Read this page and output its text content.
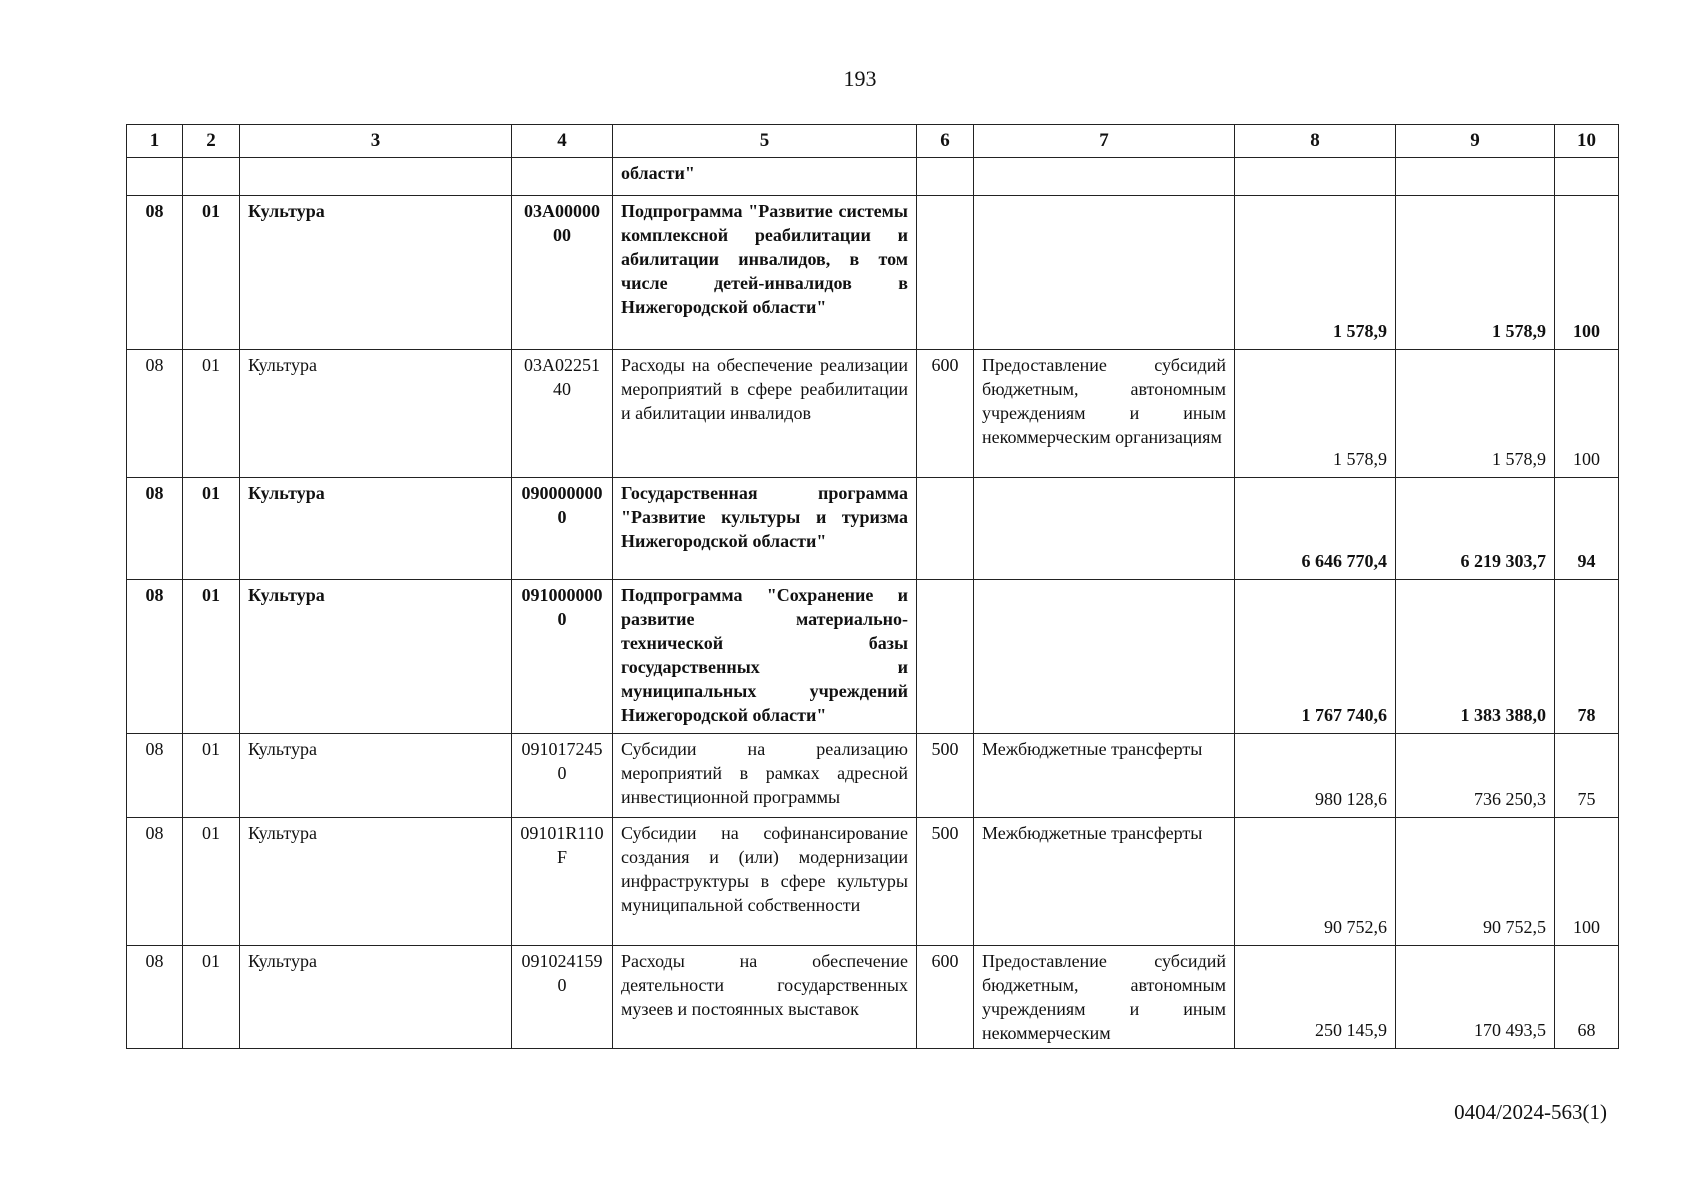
193
1	2	3	4	5	6	7	8	9	10
				области"					
08	01	Культура	03А0000000	Подпрограмма "Развитие системы комплексной реабилитации и абилитации инвалидов, в том числе детей-инвалидов в Нижегородской области"			1 578,9	1 578,9	100
08	01	Культура	03А0225140	Расходы на обеспечение реализации мероприятий в сфере реабилитации и абилитации инвалидов	600	Предоставление субсидий бюджетным, автономным учреждениям и иным некоммерческим организациям	1 578,9	1 578,9	100
08	01	Культура	0900000000	Государственная программа "Развитие культуры и туризма Нижегородской области"			6 646 770,4	6 219 303,7	94
08	01	Культура	0910000000	Подпрограмма "Сохранение и развитие материально-технической базы государственных и муниципальных учреждений Нижегородской области"			1 767 740,6	1 383 388,0	78
08	01	Культура	0910172450	Субсидии на реализацию мероприятий в рамках адресной инвестиционной программы	500	Межбюджетные трансферты	980 128,6	736 250,3	75
08	01	Культура	09101R110F	Субсидии на софинансирование создания и (или) модернизации инфраструктуры в сфере культуры муниципальной собственности	500	Межбюджетные трансферты	90 752,6	90 752,5	100
08	01	Культура	0910241590	Расходы на обеспечение деятельности государственных музеев и постоянных выставок	600	Предоставление субсидий бюджетным, автономным учреждениям и иным некоммерческим	250 145,9	170 493,5	68
0404/2024-563(1)
